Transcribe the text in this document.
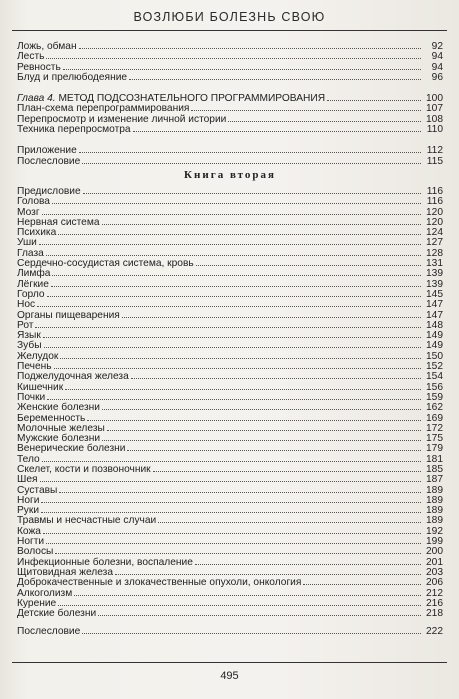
ВОЗЛЮБИ БОЛЕЗНЬ СВОЮ
Ложь, обман	92
Лесть	94
Ревность	94
Блуд и прелюбодеяние	96
Глава 4. МЕТОД ПОДСОЗНАТЕЛЬНОГО ПРОГРАММИРОВАНИЯ	100
План-схема перепрограммирования	107
Перепросмотр и изменение личной истории	108
Техника перепросмотра	110
Приложение	112
Послесловие	115
Книга вторая
Предисловие	116
Голова	116
Мозг	120
Нервная система	120
Психика	124
Уши	127
Глаза	128
Сердечно-сосудистая система, кровь	131
Лимфа	139
Лёгкие	139
Горло	145
Нос	147
Органы пищеварения	147
Рот	148
Язык	149
Зубы	149
Желудок	150
Печень	152
Поджелудочная железа	154
Кишечник	156
Почки	159
Женские болезни	162
Беременность	169
Молочные железы	172
Мужские болезни	175
Венерические болезни	179
Тело	181
Скелет, кости и позвоночник	185
Шея	187
Суставы	189
Ноги	189
Руки	189
Травмы и несчастные случаи	189
Кожа	192
Ногти	199
Волосы	200
Инфекционные болезни, воспаление	201
Щитовидная железа	203
Доброкачественные и злокачественные опухоли, онкология	206
Алкоголизм	212
Курение	216
Детские болезни	218
Послесловие	222
495
